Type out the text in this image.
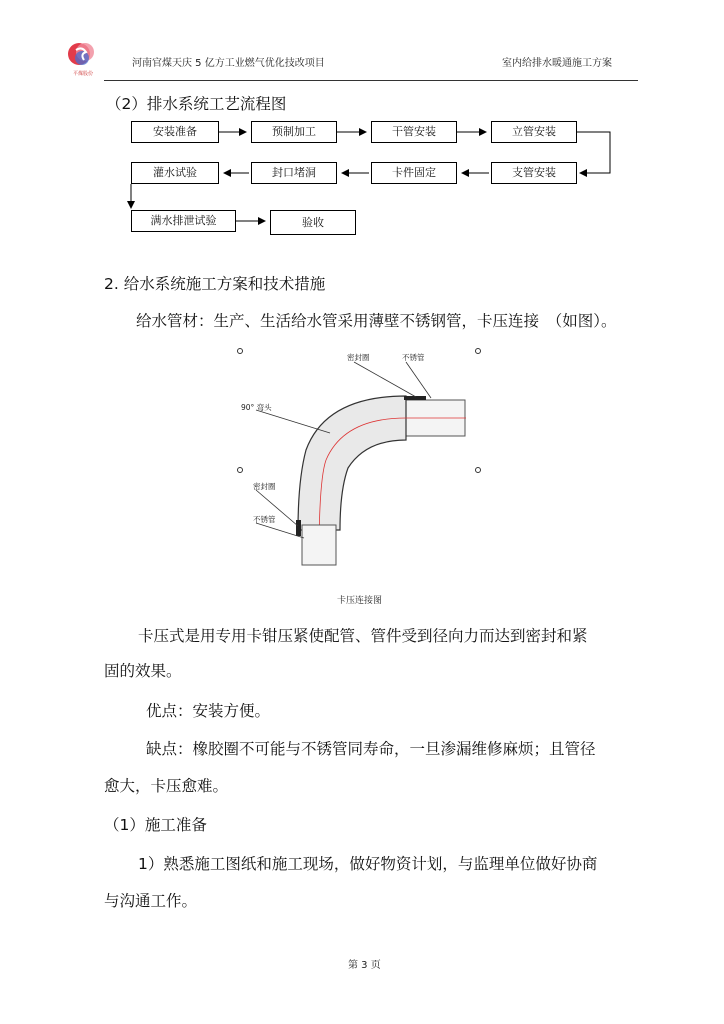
平煤股份
河南官煤天庆 5 亿方工业燃气优化技改项目	室内给排水暖通施工方案
（2）排水系统工艺流程图
安装准备	预制加工	干管安装	立管安装
灌水试验	封口堵洞	卡件固定	支管安装
满水排泄试验	验收
2. 给水系统施工方案和技术措施
给水管材：生产、生活给水管采用薄壁不锈钢管，卡压连接　（如图）。
密封圈	不锈管
90° 弯头
密封圈
不锈管
卡压连接图
卡压式是用专用卡钳压紧使配管、管件受到径向力而达到密封和紧
固的效果。
优点：安装方便。
缺点：橡胶圈不可能与不锈管同寿命，一旦渗漏维修麻烦；且管径
愈大，卡压愈难。
（1）施工准备
1）熟悉施工图纸和施工现场，做好物资计划，与监理单位做好协商
与沟通工作。
第 3 页
